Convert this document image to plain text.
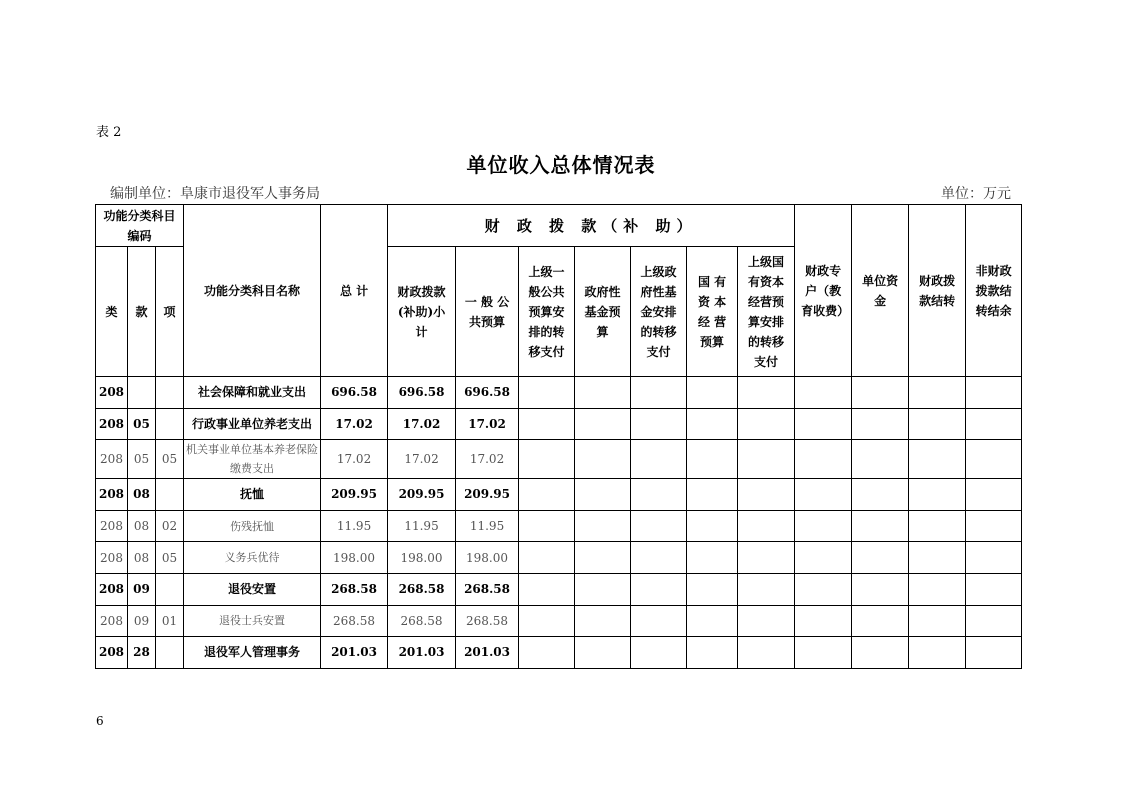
表 2
单位收入总体情况表
编制单位：阜康市退役军人事务局	单位：万元
功能分类科目编码			功能分类科目名称	总 计	财 政 拨 款（补 助）							财政专户（教育收费）	单位资金	财政拨款结转	非财政拨款结转结余
类	款	项			财政拨款(补助)小计	一 般 公共预算	上级一般公共预算安排的转移支付	政府性基金预算	上级政府性基金安排的转移支付	国 有资 本经 营预算	上级国有资本经营预算安排的转移支付				
208			社会保障和就业支出	696.58	696.58	696.58									
208	05		行政事业单位养老支出	17.02	17.02	17.02									
208	05	05	机关事业单位基本养老保险缴费支出	17.02	17.02	17.02									
208	08		抚恤	209.95	209.95	209.95									
208	08	02	伤残抚恤	11.95	11.95	11.95									
208	08	05	义务兵优待	198.00	198.00	198.00									
208	09		退役安置	268.58	268.58	268.58									
208	09	01	退役士兵安置	268.58	268.58	268.58									
208	28		退役军人管理事务	201.03	201.03	201.03									
6
